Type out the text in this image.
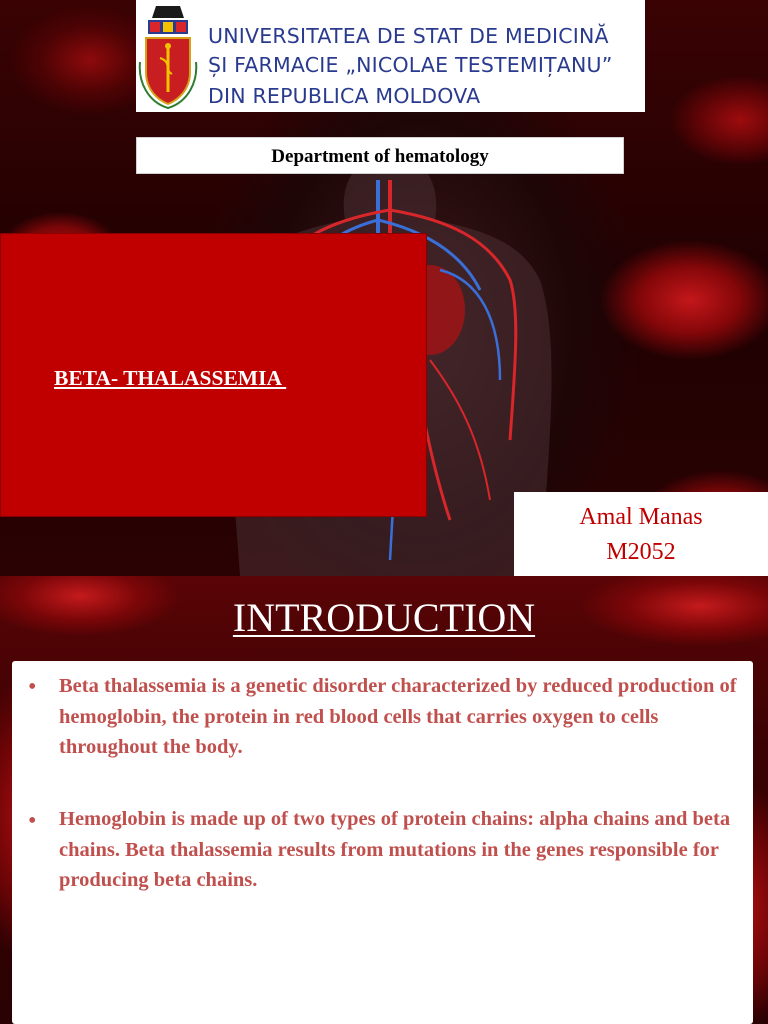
UNIVERSITATEA DE STAT DE MEDICINĂ
ȘI FARMACIE „NICOLAE TESTEMIȚANU”
DIN REPUBLICA MOLDOVA
Department of hematology
BETA- THALASSEMIA
Amal Manas
M2052
INTRODUCTION
• Beta thalassemia is a genetic disorder characterized by reduced production of hemoglobin, the protein in red blood cells that carries oxygen to cells throughout the body.
• Hemoglobin is made up of two types of protein chains: alpha chains and beta chains. Beta thalassemia results from mutations in the genes responsible for producing beta chains.
